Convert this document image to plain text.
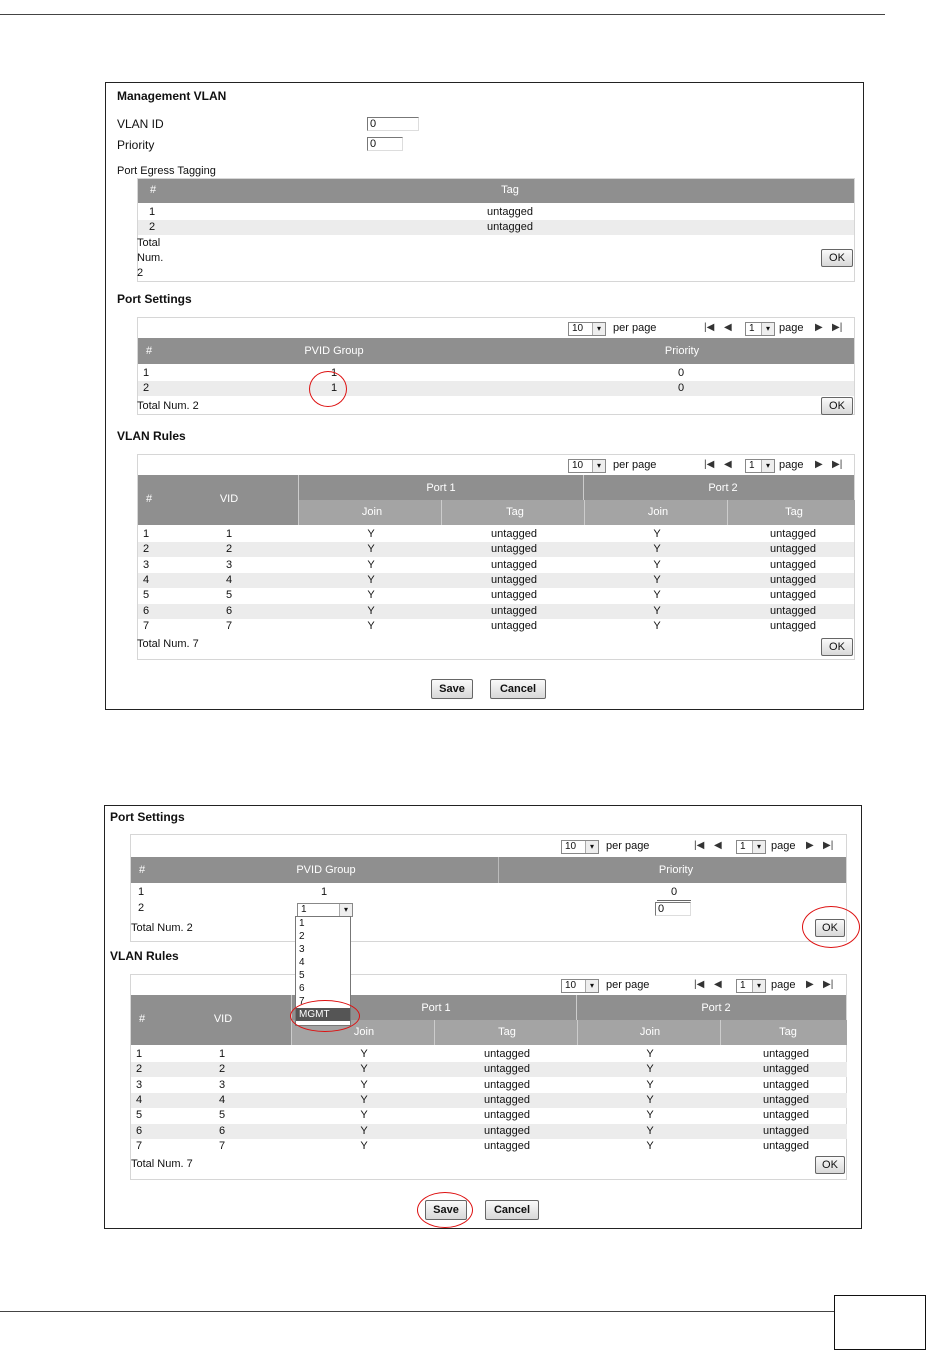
Management VLAN
VLAN ID	0
Priority	0
Port Egress Tagging
#	Tag
1	untagged
2	untagged
Total
Num.
2
OK
Port Settings
10	▾	per page	|◀ ◀ 1	▾ page ▶ ▶|
#	PVID Group	Priority
1	1	0
2	1	0
Total Num. 2	OK
VLAN Rules
10	▾	per page	|◀ ◀ 1	▾ page ▶ ▶|
#	VID
Port 1	Port 2
Join	Tag	Join	Tag
1	1	Y	untagged	Y	untagged
2	2	Y	untagged	Y	untagged
3	3	Y	untagged	Y	untagged
4	4	Y	untagged	Y	untagged
5	5	Y	untagged	Y	untagged
6	6	Y	untagged	Y	untagged
7	7	Y	untagged	Y	untagged
Total Num. 7	OK
Save	Cancel
Port Settings
10	▾	per page	|◀ ◀ 1	▾ page ▶ ▶|
#	PVID Group	Priority
1	1	0
2	1	▾	0
Total Num. 2	OK
VLAN Rules
10	▾	per page	|◀ ◀ 1	▾ page ▶ ▶|
#	VID
Port 1	Port 2
Join	Tag	Join	Tag
1	1	Y	untagged	Y	untagged
2	2	Y	untagged	Y	untagged
3	3	Y	untagged	Y	untagged
4	4	Y	untagged	Y	untagged
5	5	Y	untagged	Y	untagged
6	6	Y	untagged	Y	untagged
7	7	Y	untagged	Y	untagged
Total Num. 7	OK
1
2
3
4
5
6
7
MGMT
Save	Cancel
